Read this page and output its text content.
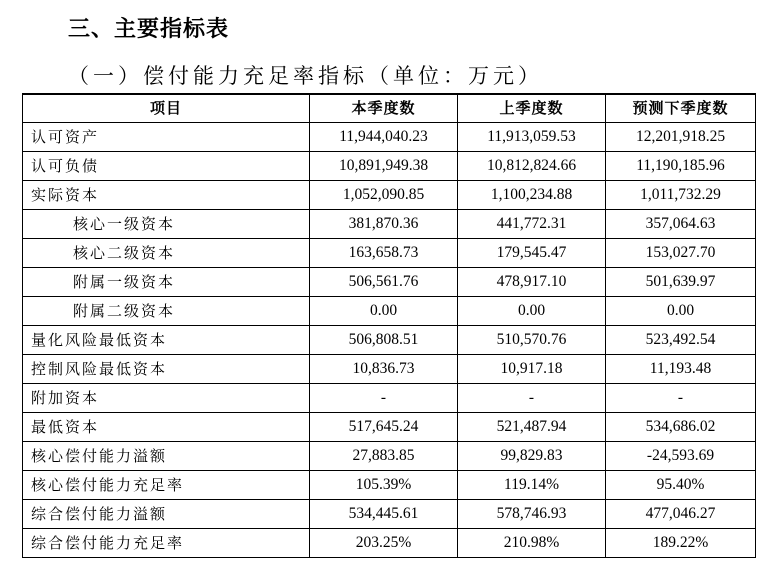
三、主要指标表
（一）偿付能力充足率指标（单位：万元）
项目	本季度数	上季度数	预测下季度数
认可资产	11,944,040.23	11,913,059.53	12,201,918.25
认可负债	10,891,949.38	10,812,824.66	11,190,185.96
实际资本	1,052,090.85	1,100,234.88	1,011,732.29
核心一级资本	381,870.36	441,772.31	357,064.63
核心二级资本	163,658.73	179,545.47	153,027.70
附属一级资本	506,561.76	478,917.10	501,639.97
附属二级资本	0.00	0.00	0.00
量化风险最低资本	506,808.51	510,570.76	523,492.54
控制风险最低资本	10,836.73	10,917.18	11,193.48
附加资本	-	-	-
最低资本	517,645.24	521,487.94	534,686.02
核心偿付能力溢额	27,883.85	99,829.83	-24,593.69
核心偿付能力充足率	105.39%	119.14%	95.40%
综合偿付能力溢额	534,445.61	578,746.93	477,046.27
综合偿付能力充足率	203.25%	210.98%	189.22%
